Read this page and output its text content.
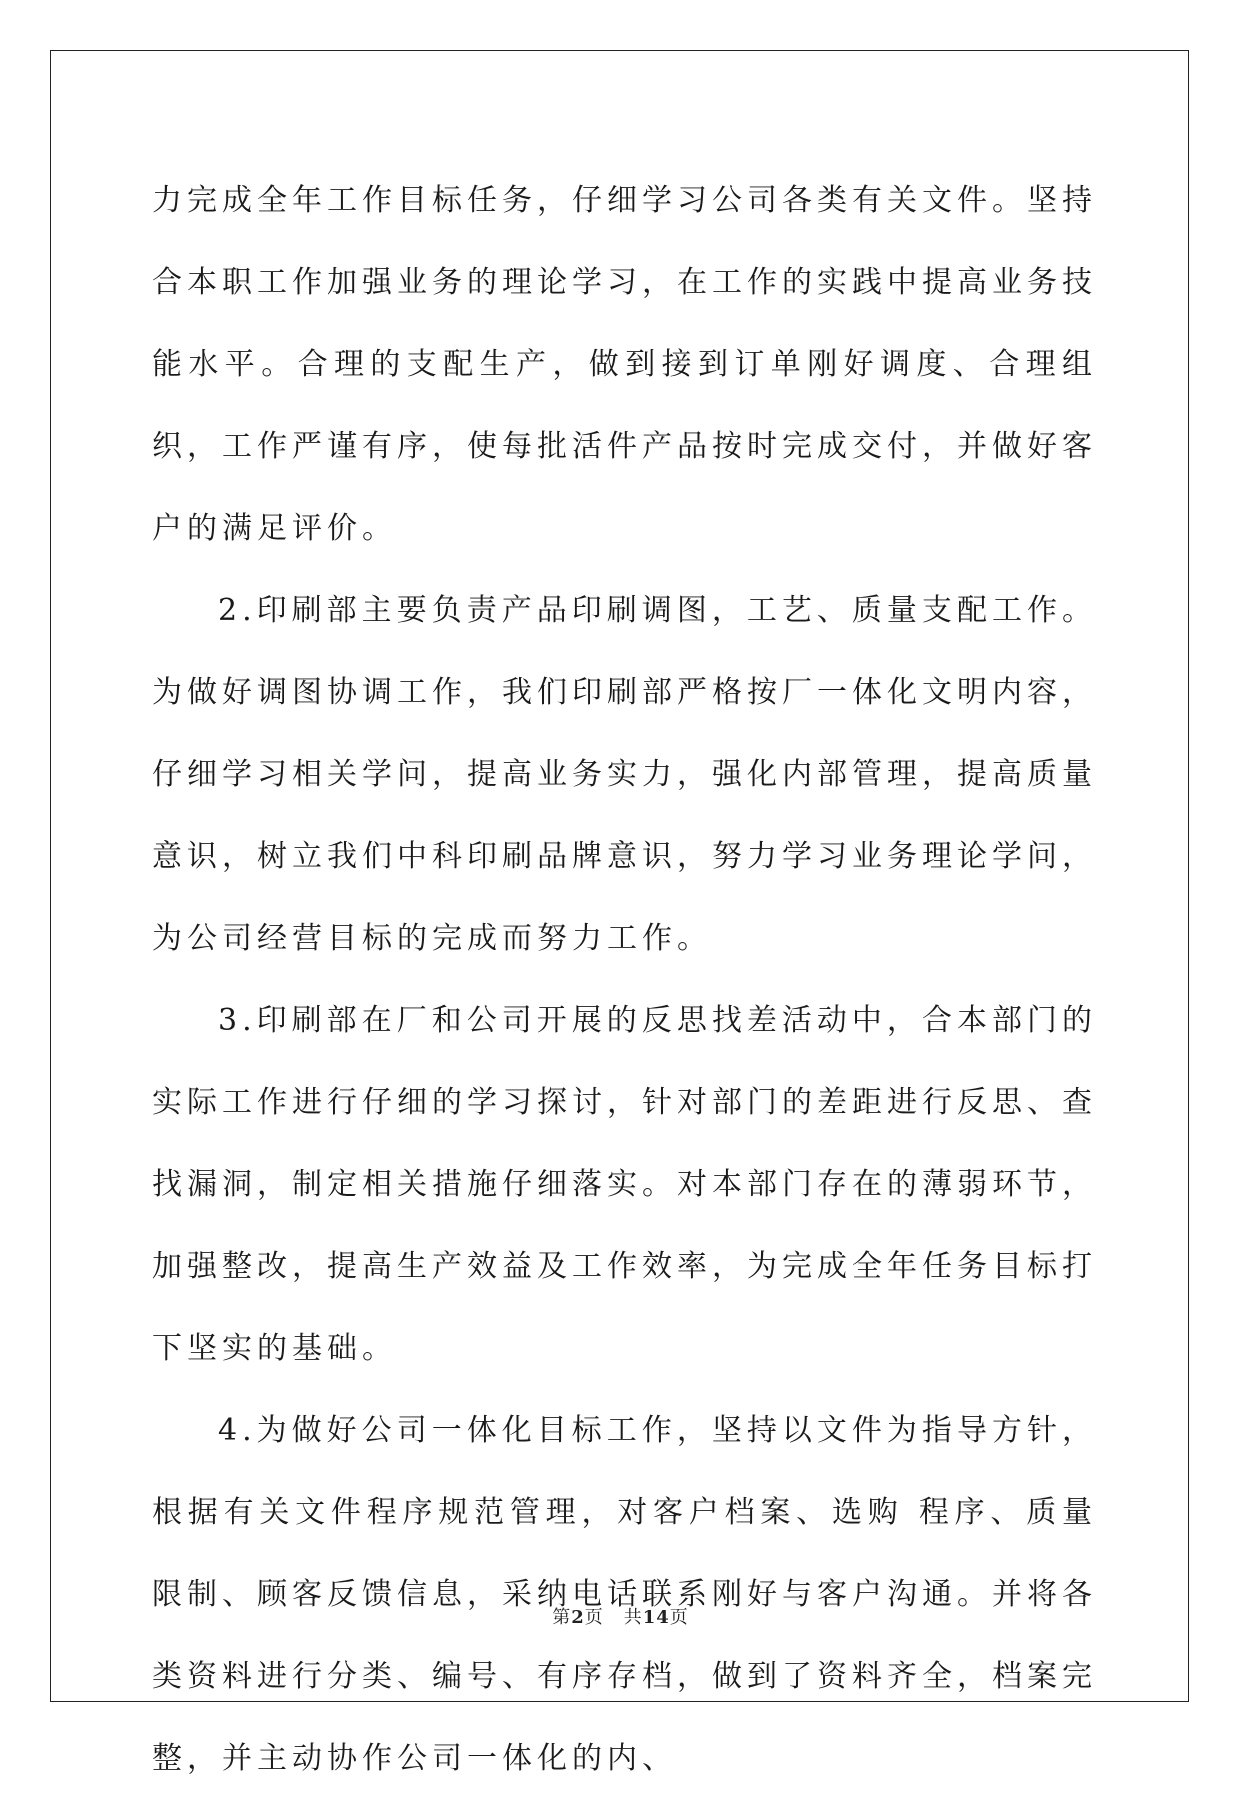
力完成全年工作目标任务，仔细学习公司各类有关文件。坚持合本职工作加强业务的理论学习，在工作的实践中提高业务技能水平。合理的支配生产，做到接到订单刚好调度、合理组织，工作严谨有序，使每批活件产品按时完成交付，并做好客户的满足评价。

2.印刷部主要负责产品印刷调图，工艺、质量支配工作。为做好调图协调工作，我们印刷部严格按厂一体化文明内容，仔细学习相关学问，提高业务实力，强化内部管理，提高质量意识，树立我们中科印刷品牌意识，努力学习业务理论学问，为公司经营目标的完成而努力工作。

3.印刷部在厂和公司开展的反思找差活动中，合本部门的实际工作进行仔细的学习探讨，针对部门的差距进行反思、查找漏洞，制定相关措施仔细落实。对本部门存在的薄弱环节，加强整改，提高生产效益及工作效率，为完成全年任务目标打下坚实的基础。

4.为做好公司一体化目标工作，坚持以文件为指导方针，根据有关文件程序规范管理，对客户档案、选购 程序、质量限制、顾客反馈信息，采纳电话联系刚好与客户沟通。并将各类资料进行分类、编号、有序存档，做到了资料齐全，档案完整，并主动协作公司一体化的内、

第2页 共14页
